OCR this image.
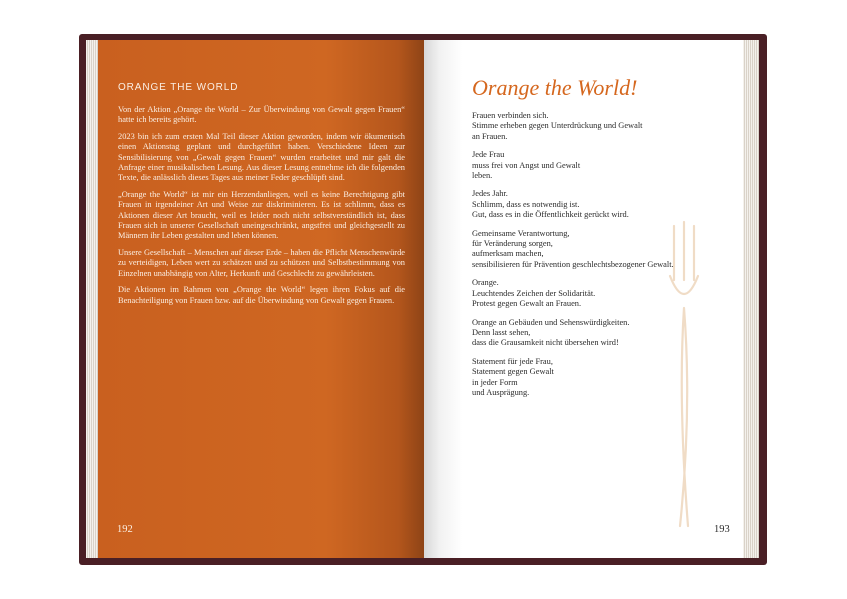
ORANGE THE WORLD

Von der Aktion „Orange the World – Zur Überwindung von Gewalt gegen Frauen“ hatte ich bereits gehört.

2023 bin ich zum ersten Mal Teil dieser Aktion geworden, indem wir ökumenisch einen Aktionstag geplant und durchgeführt haben. Verschiedene Ideen zur Sensibilisierung von „Gewalt gegen Frauen“ wurden erarbeitet und mir galt die Anfrage einer musikalischen Lesung. Aus dieser Lesung entnehme ich die folgenden Texte, die anlässlich dieses Tages aus meiner Feder geschlüpft sind.

„Orange the World“ ist mir ein Herzendanliegen, weil es keine Berechtigung gibt Frauen in irgendeiner Art und Weise zur diskriminieren. Es ist schlimm, dass es Aktionen dieser Art braucht, weil es leider noch nicht selbstverständlich ist, dass Frauen sich in unserer Gesellschaft uneingeschränkt, angstfrei und gleichgestellt zu Männern ihr Leben gestalten und leben können.

Unsere Gesellschaft – Menschen auf dieser Erde – haben die Pflicht Menschenwürde zu verteidigen, Leben wert zu schätzen und zu schützen und Selbstbestimmung von Einzelnen unabhängig von Alter, Herkunft und Geschlecht zu gewährleisten.

Die Aktionen im Rahmen von „Orange the World“ legen ihren Fokus auf die Benachteiligung von Frauen bzw. auf die Überwindung von Gewalt gegen Frauen.

192
Orange the World!
Frauen verbinden sich.
Stimme erheben gegen Unterdrückung und Gewalt
an Frauen.
Jede Frau
muss frei von Angst und Gewalt
leben.
Jedes Jahr.
Schlimm, dass es notwendig ist.
Gut, dass es in die Öffentlichkeit gerückt wird.
Gemeinsame Verantwortung,
für Veränderung sorgen,
aufmerksam machen,
sensibilisieren für Prävention geschlechtsbezogener Gewalt.
Orange.
Leuchtendes Zeichen der Solidarität.
Protest gegen Gewalt an Frauen.
Orange an Gebäuden und Sehenswürdigkeiten.
Denn lasst sehen,
dass die Grausamkeit nicht übersehen wird!
Statement für jede Frau,
Statement gegen Gewalt
in jeder Form
und Ausprägung.
193
